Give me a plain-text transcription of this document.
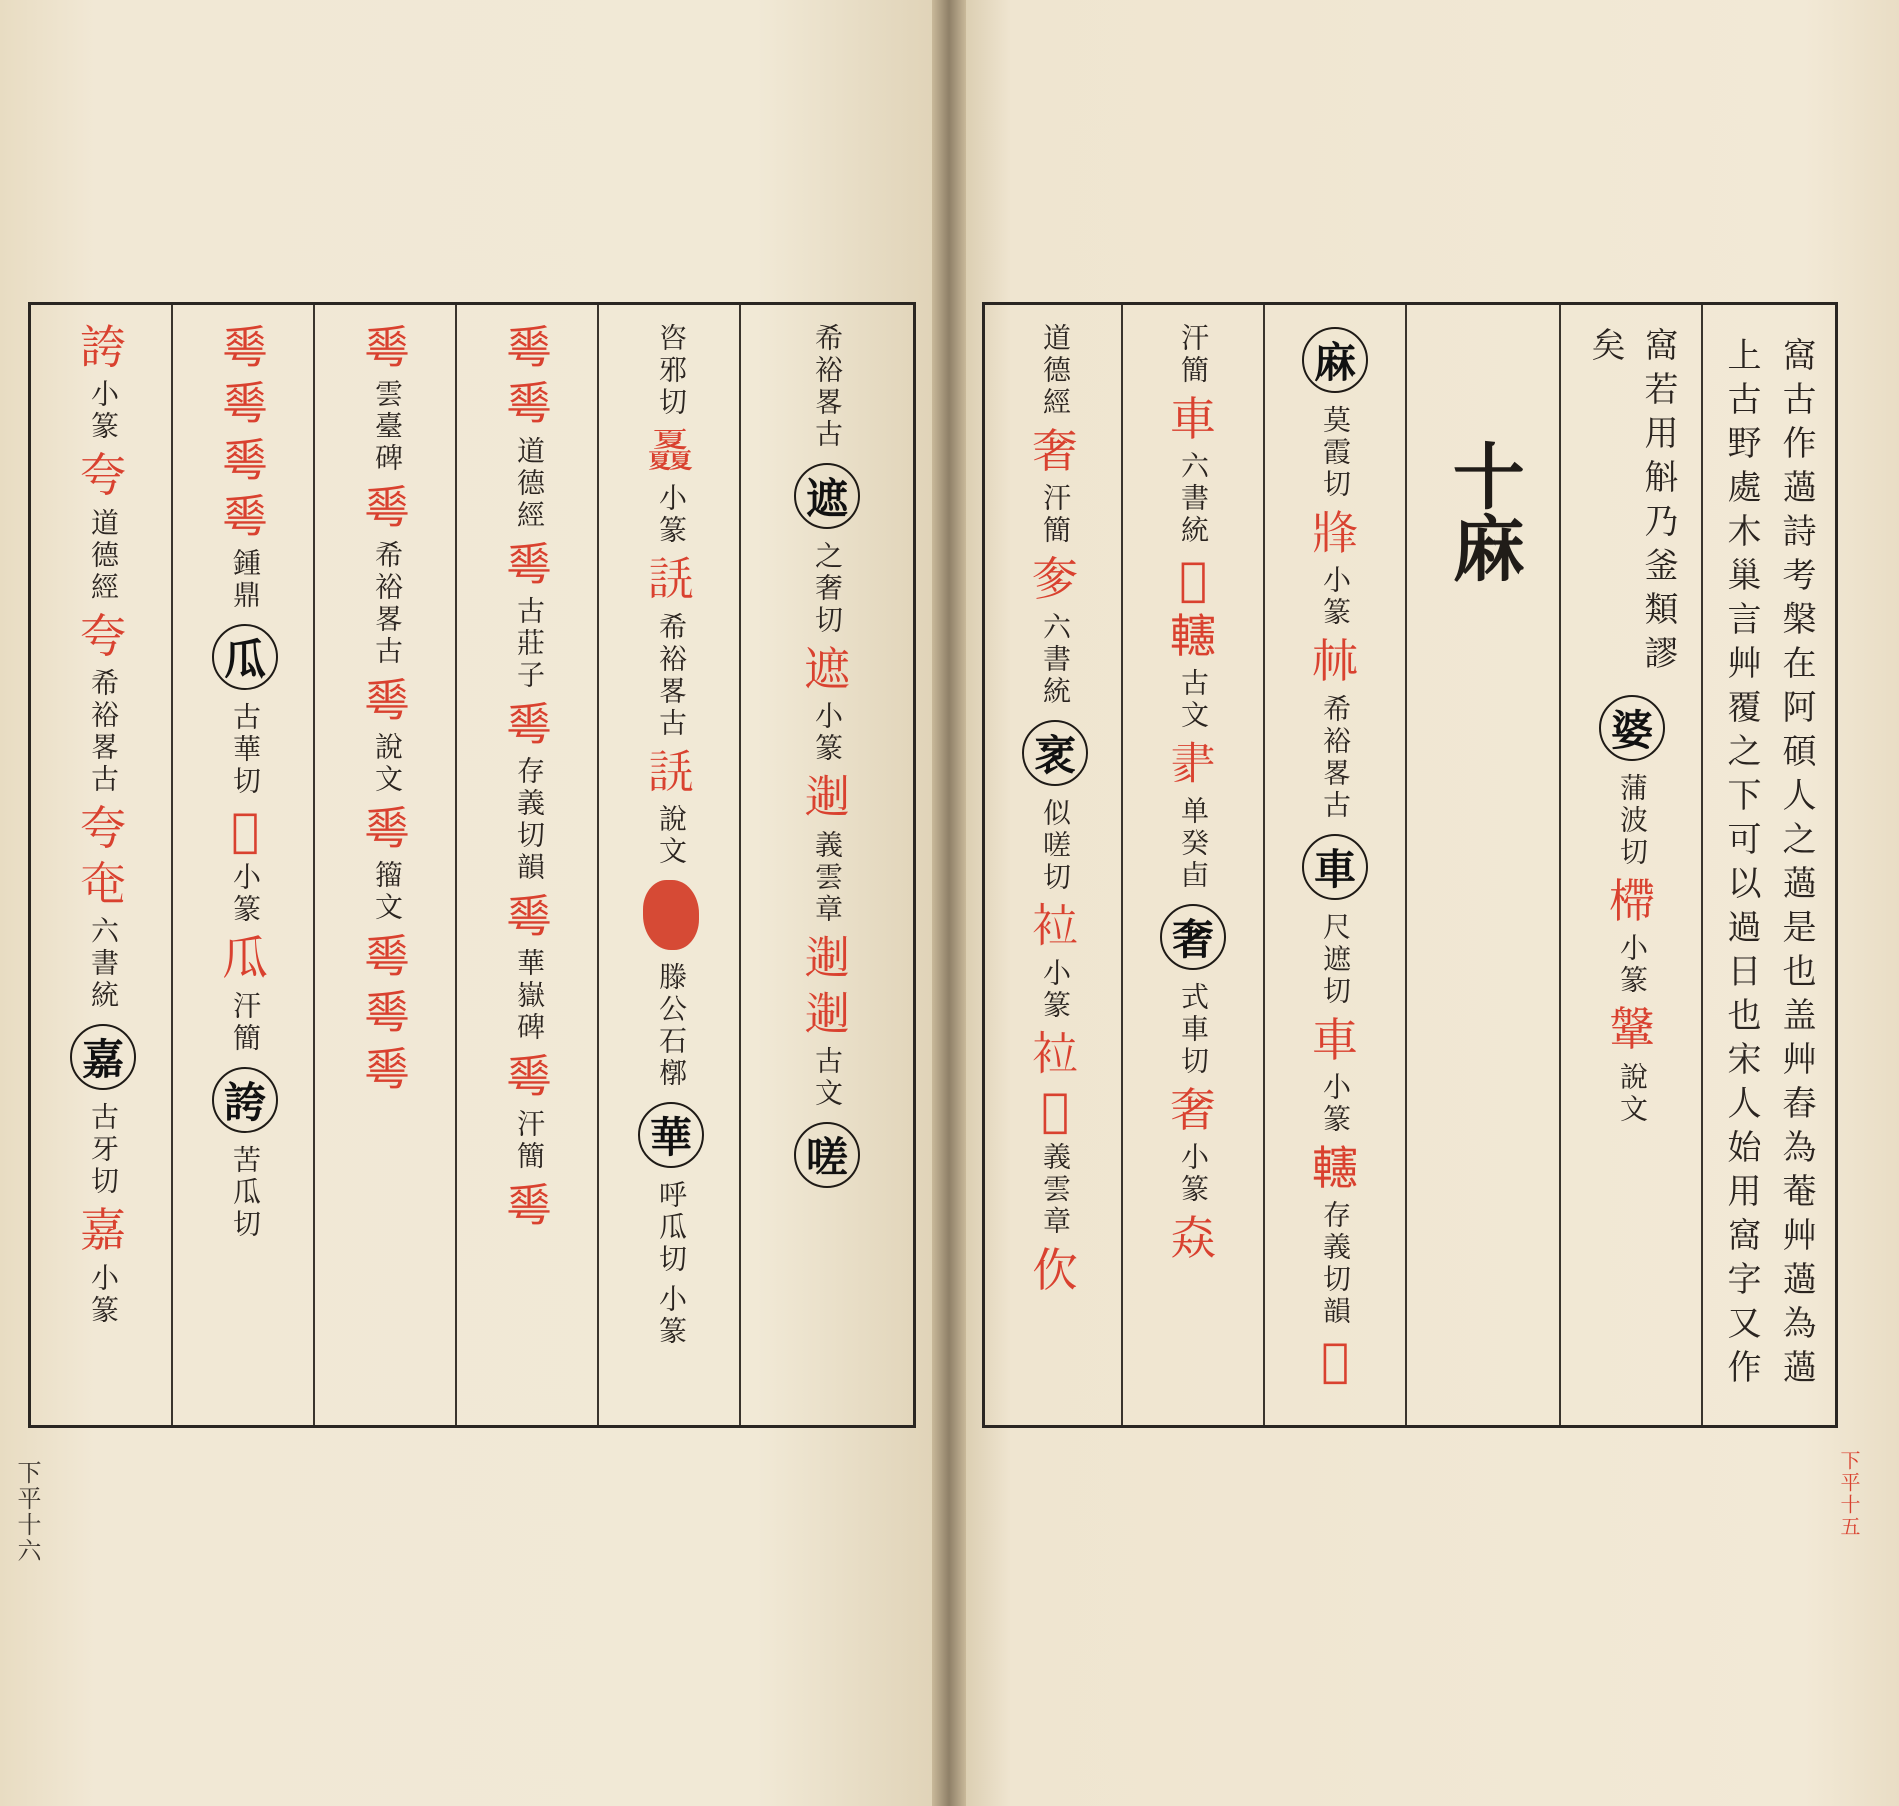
希裕畧古
遮
之奢切
遮
小篆
𨔈
義雲章
𨔈
𨔈
古文
嗟
咨邪切
𡖃
小篆
𧧲
希裕畧古
𧧲
說文
滕公石槨
華
呼瓜切
小篆
𠌶
𠌶
道德經
𠌶
古莊子
𠌶
存義切韻
𠌶
華嶽碑
𠌶
汗簡
𠌶
𠌶
雲臺碑
𠌶
希裕畧古
𠌶
說文
𠌶
籀文
𠌶
𠌶
𠌶
𠌶
𠌶
𠌶
𠌶
鍾鼎
瓜
古華切
𤓰
小篆
瓜
汗簡
誇
苦瓜切
誇
小篆
夸
道德經
夸
希裕畧古
夸
𡗥
六書統
嘉
古牙切
嘉
小篆
下平十六
窩古作薖詩考槃在阿碩人之薖是也盖艸舂為菴艸薖為薖
上古野處木巢言艸覆之下可以過日也宋人始用窩字又作
窩若用斛乃釜類謬
矣
婆
蒲波切
㯂
小篆
鞶
說文
十麻
麻
莫霞切
𤖀
小篆
𣏟
希裕畧古
車
尺遮切
車
小篆
𨏥
存義切韻
𠚴
汗簡
車
六書統
𨊦
𨏥
古文
𦘔
单癸卣
奢
式車切
奢
小篆
𡘙
道德經
奢
汗簡
奓
六書統
衺
似嗟切
𧙀
小篆
𧙀
𩔾
義雲章
㐸
下平十五
